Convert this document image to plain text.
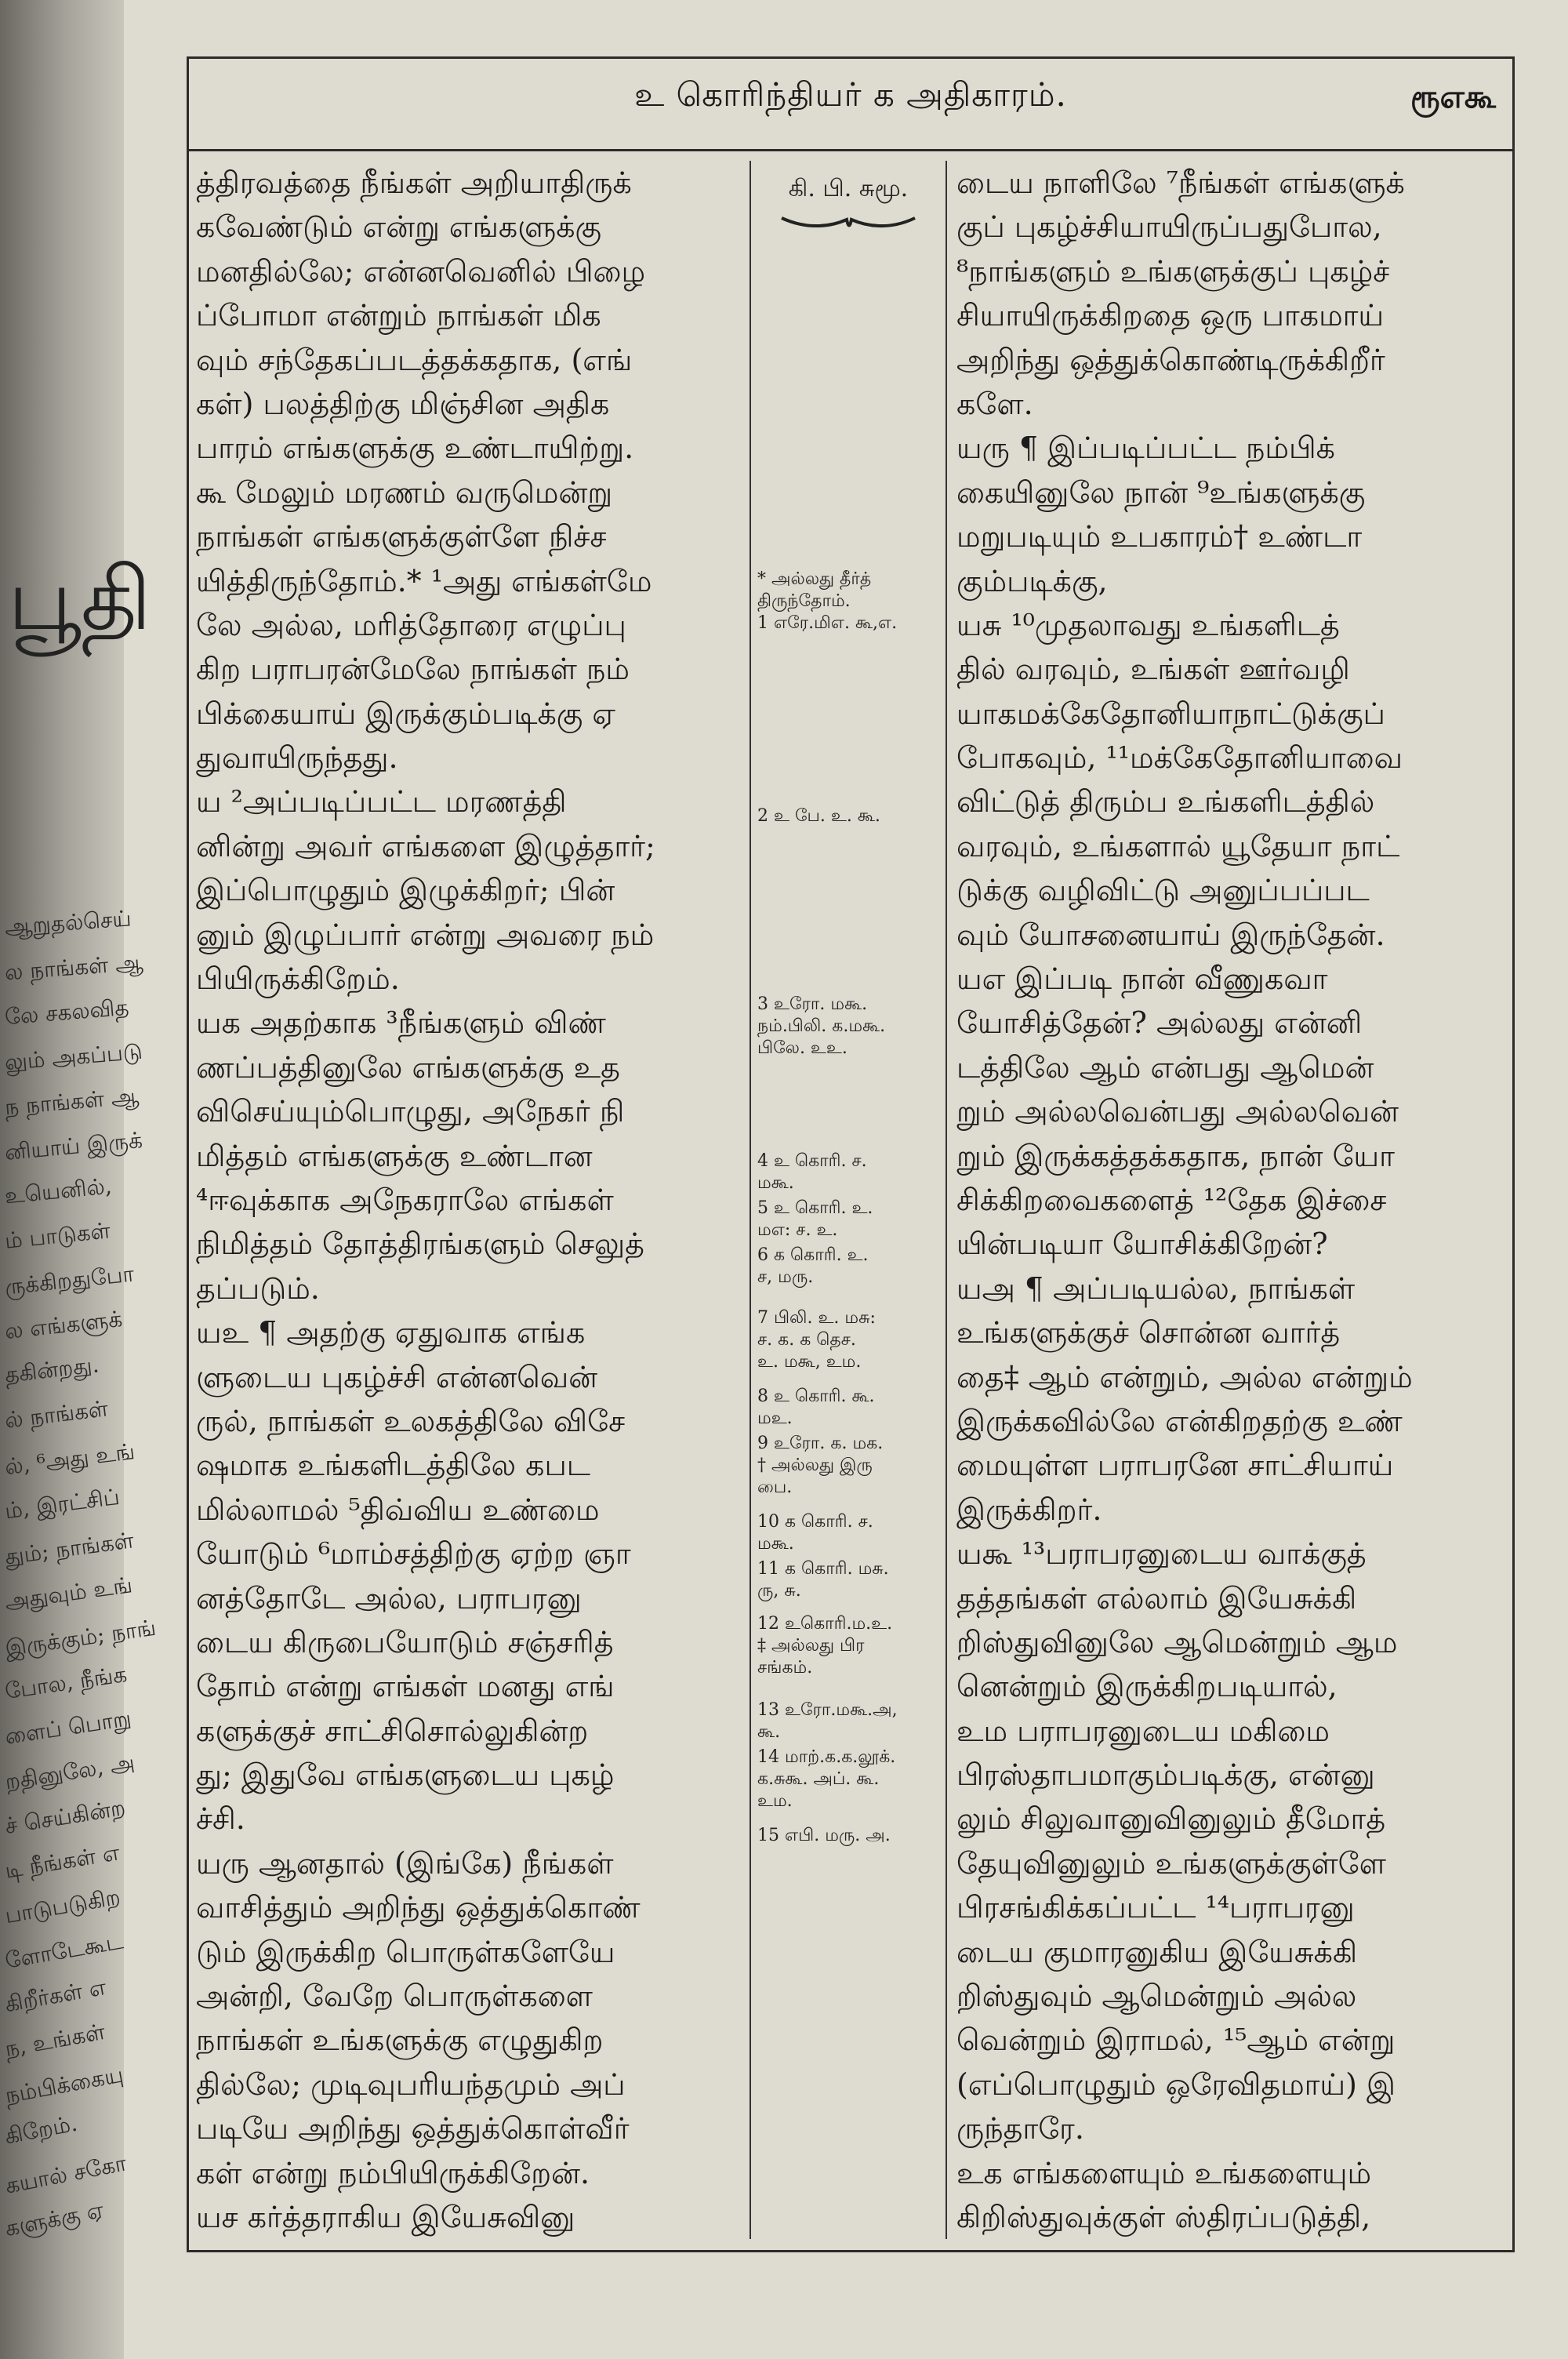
பூதி
ஆறுதல்செய்
ல நாங்கள் ஆ
லே சகலவித
லும் அகப்படு
ந நாங்கள் ஆ
னியாய் இருக்
உயெனில்,
ம் பாடுகள்
ருக்கிறதுபோ
ல எங்களுக்
தகின்றது.
ல் நாங்கள்
ல், ⁶அது உங்
ம், இரட்சிப்
தும்; நாங்கள்
அதுவும் உங்
இருக்கும்; நாங்
போல, நீங்க
ளைப் பொறு
றதினுலே, அ
ச் செய்கின்ற
டி நீங்கள் எ
பாடுபடுகிற
ளோடேகூட
கிறீர்கள் எ
ந, உங்கள்
நம்பிக்கையு
கிறேம்.
கயால் சகோ
களுக்கு ஏ
உ கொரிந்தியர் க அதிகாரம்.	ரூஎகூ
த்திரவத்தை நீங்கள் அறியாதிருக்
கவேண்டும் என்று எங்களுக்கு
மனதில்லே; என்னவெனில் பிழை
ப்போமா என்றும் நாங்கள் மிக
வும் சந்தேகப்படத்தக்கதாக, (எங்
கள்) பலத்திற்கு மிஞ்சின அதிக
பாரம் எங்களுக்கு உண்டாயிற்று.
கூ மேலும் மரணம் வருமென்று
நாங்கள் எங்களுக்குள்ளே நிச்ச
யித்திருந்தோம்.* ¹அது எங்கள்மே
லே அல்ல, மரித்தோரை எழுப்பு
கிற பராபரன்மேலே நாங்கள் நம்
பிக்கையாய் இருக்கும்படிக்கு ஏ
துவாயிருந்தது.
ய ²அப்படிப்பட்ட மரணத்தி
னின்று அவர் எங்களை இழுத்தார்;
இப்பொழுதும் இழுக்கிறர்; பின்
னும் இழுப்பார் என்று அவரை நம்
பியிருக்கிறேம்.
யக அதற்காக ³நீங்களும் விண்
ணப்பத்தினுலே எங்களுக்கு உத
விசெய்யும்பொழுது, அநேகர் நி
மித்தம் எங்களுக்கு உண்டான
⁴ஈவுக்காக அநேகராலே எங்கள்
நிமித்தம் தோத்திரங்களும் செலுத்
தப்படும்.
யஉ ¶ அதற்கு ஏதுவாக எங்க
ளுடைய புகழ்ச்சி என்னவென்
ருல், நாங்கள் உலகத்திலே விசே
ஷமாக உங்களிடத்திலே கபட
மில்லாமல் ⁵திவ்விய உண்மை
யோடும் ⁶மாம்சத்திற்கு ஏற்ற ஞா
னத்தோடே அல்ல, பராபரனு
டைய கிருபையோடும் சஞ்சரித்
தோம் என்று எங்கள் மனது எங்
களுக்குச் சாட்சிசொல்லுகின்ற
து; இதுவே எங்களுடைய புகழ்
ச்சி.
யரு ஆனதால் (இங்கே) நீங்கள்
வாசித்தும் அறிந்து ஒத்துக்கொண்
டும் இருக்கிற பொருள்களேயே
அன்றி, வேறே பொருள்களை
நாங்கள் உங்களுக்கு எழுதுகிற
தில்லே; முடிவுபரியந்தமும் அப்
படியே அறிந்து ஒத்துக்கொள்வீர்
கள் என்று நம்பியிருக்கிறேன்.
யச கர்த்தராகிய இயேசுவினு
கி. பி. சுமூ.
* அல்லது தீர்த்
திருந்தோம்.
1 எரே.மிஎ. கூ,எ.
2 உ பே. உ. கூ.
3 உரோ. மகூ.
நம்.பிலி. க.மகூ.
பிலே. உஉ.
4 உ கொரி. ச.
மகூ.
5 உ கொரி. உ.
மஎ: ச. உ.
6 க கொரி. உ.
ச, மரு.
7 பிலி. உ. மசு:
ச. க. க தெச.
உ. மகூ, உம.
8 உ கொரி. கூ.
மஉ.
9 உரோ. க. மக.
† அல்லது இரு
பை.
10 க கொரி. ச.
மகூ.
11 க கொரி. மசு.
ரு, சு.
12 உகொரி.ம.உ.
‡ அல்லது பிர
சங்கம்.
13 உரோ.மகூ.அ,
கூ.
14 மாற்.க.க.லூக்.
க.சுகூ. அப். கூ.
உம.
15 எபி. மரு. அ.
டைய நாளிலே ⁷நீங்கள் எங்களுக்
குப் புகழ்ச்சியாயிருப்பதுபோல,
⁸நாங்களும் உங்களுக்குப் புகழ்ச்
சியாயிருக்கிறதை ஒரு பாகமாய்
அறிந்து ஒத்துக்கொண்டிருக்கிறீர்
களே.
யரு ¶ இப்படிப்பட்ட நம்பிக்
கையினுலே நான் ⁹உங்களுக்கு
மறுபடியும் உபகாரம்† உண்டா
கும்படிக்கு,
யசு ¹⁰முதலாவது உங்களிடத்
தில் வரவும், உங்கள் ஊர்வழி
யாகமக்கேதோனியாநாட்டுக்குப்
போகவும், ¹¹மக்கேதோனியாவை
விட்டுத் திரும்ப உங்களிடத்தில்
வரவும், உங்களால் யூதேயா நாட்
டுக்கு வழிவிட்டு அனுப்பப்பட
வும் யோசனையாய் இருந்தேன்.
யஎ இப்படி நான் வீணுகவா
யோசித்தேன்? அல்லது என்னி
டத்திலே ஆம் என்பது ஆமென்
றும் அல்லவென்பது அல்லவென்
றும் இருக்கத்தக்கதாக, நான் யோ
சிக்கிறவைகளைத் ¹²தேக இச்சை
யின்படியா யோசிக்கிறேன்?
யஅ ¶ அப்படியல்ல, நாங்கள்
உங்களுக்குச் சொன்ன வார்த்
தை‡ ஆம் என்றும், அல்ல என்றும்
இருக்கவில்லே என்கிறதற்கு உண்
மையுள்ள பராபரனே சாட்சியாய்
இருக்கிறர்.
யகூ ¹³பராபரனுடைய வாக்குத்
தத்தங்கள் எல்லாம் இயேசுக்கி
றிஸ்துவினுலே ஆமென்றும் ஆம
னென்றும் இருக்கிறபடியால்,
உம பராபரனுடைய மகிமை
பிரஸ்தாபமாகும்படிக்கு, என்னு
லும் சிலுவானுவினுலும் தீமோத்
தேயுவினுலும் உங்களுக்குள்ளே
பிரசங்கிக்கப்பட்ட ¹⁴பராபரனு
டைய குமாரனுகிய இயேசுக்கி
றிஸ்துவும் ஆமென்றும் அல்ல
வென்றும் இராமல், ¹⁵ஆம் என்று
(எப்பொழுதும் ஒரேவிதமாய்) இ
ருந்தாரே.
உக எங்களையும் உங்களையும்
கிறிஸ்துவுக்குள் ஸ்திரப்படுத்தி,
